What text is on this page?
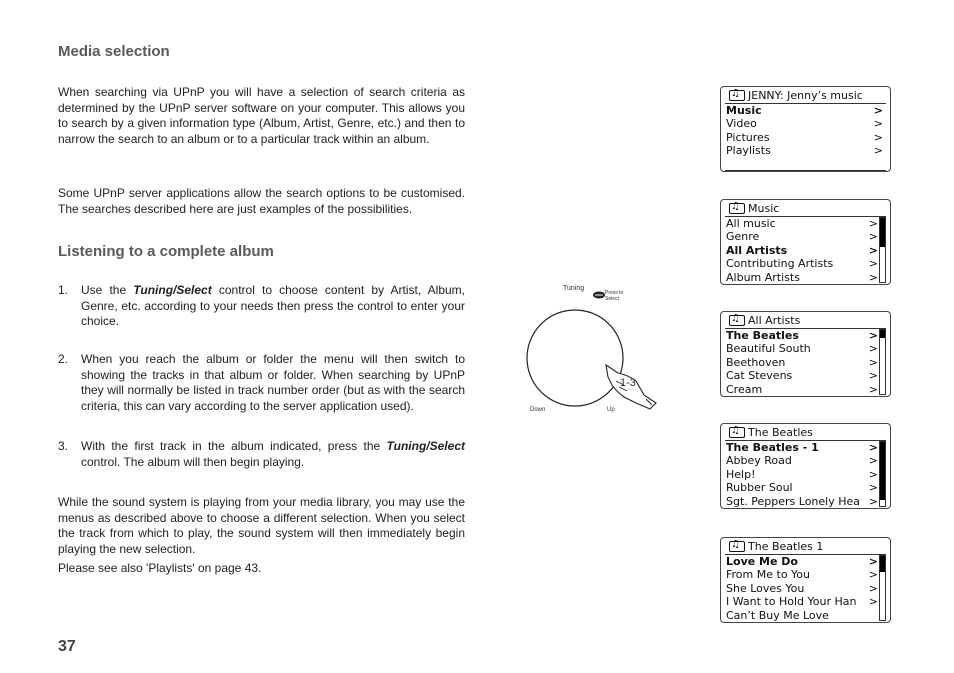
Media selection

When searching via UPnP you will have a selection of search criteria as determined by the UPnP server software on your computer. This allows you to search by a given information type (Album, Artist, Genre, etc.) and then to narrow the search to an album or to a particular track within an album.

Some UPnP server applications allow the search options to be customised. The searches described here are just examples of the possibilities.

Listening to a complete album
1. Use the Tuning/Select control to choose content by Artist, Album, Genre, etc. according to your needs then press the control to enter your choice.
2. When you reach the album or folder the menu will then switch to showing the tracks in that album or folder. When searching by UPnP they will normally be listed in track number order (but as with the search criteria, this can vary according to the server application used).
3. With the first track in the album indicated, press the Tuning/Select control. The album will then begin playing.

While the sound system is playing from your media library, you may use the menus as described above to choose a different selection. When you select the track from which to play, the sound system will then immediately begin playing the new selection.

Please see also 'Playlists' on page 43.

37

Tuning
Press to
Select
Down	Up
1-3
♫
JENNY: Jenny’s music
Music	>
Video	>
Pictures	>
Playlists	>
♫
Music
All music	>
Genre	>
All Artists	>
Contributing Artists	>
Album Artists	>
♫
All Artists
The Beatles	>
Beautiful South	>
Beethoven	>
Cat Stevens	>
Cream	>
♫
The Beatles
The Beatles - 1	>
Abbey Road	>
Help!	>
Rubber Soul	>
Sgt. Peppers Lonely Hea >
♫
The Beatles 1
Love Me Do	>
From Me to You	>
She Loves You	>
I Want to Hold Your Han >
Can’t Buy Me Love
